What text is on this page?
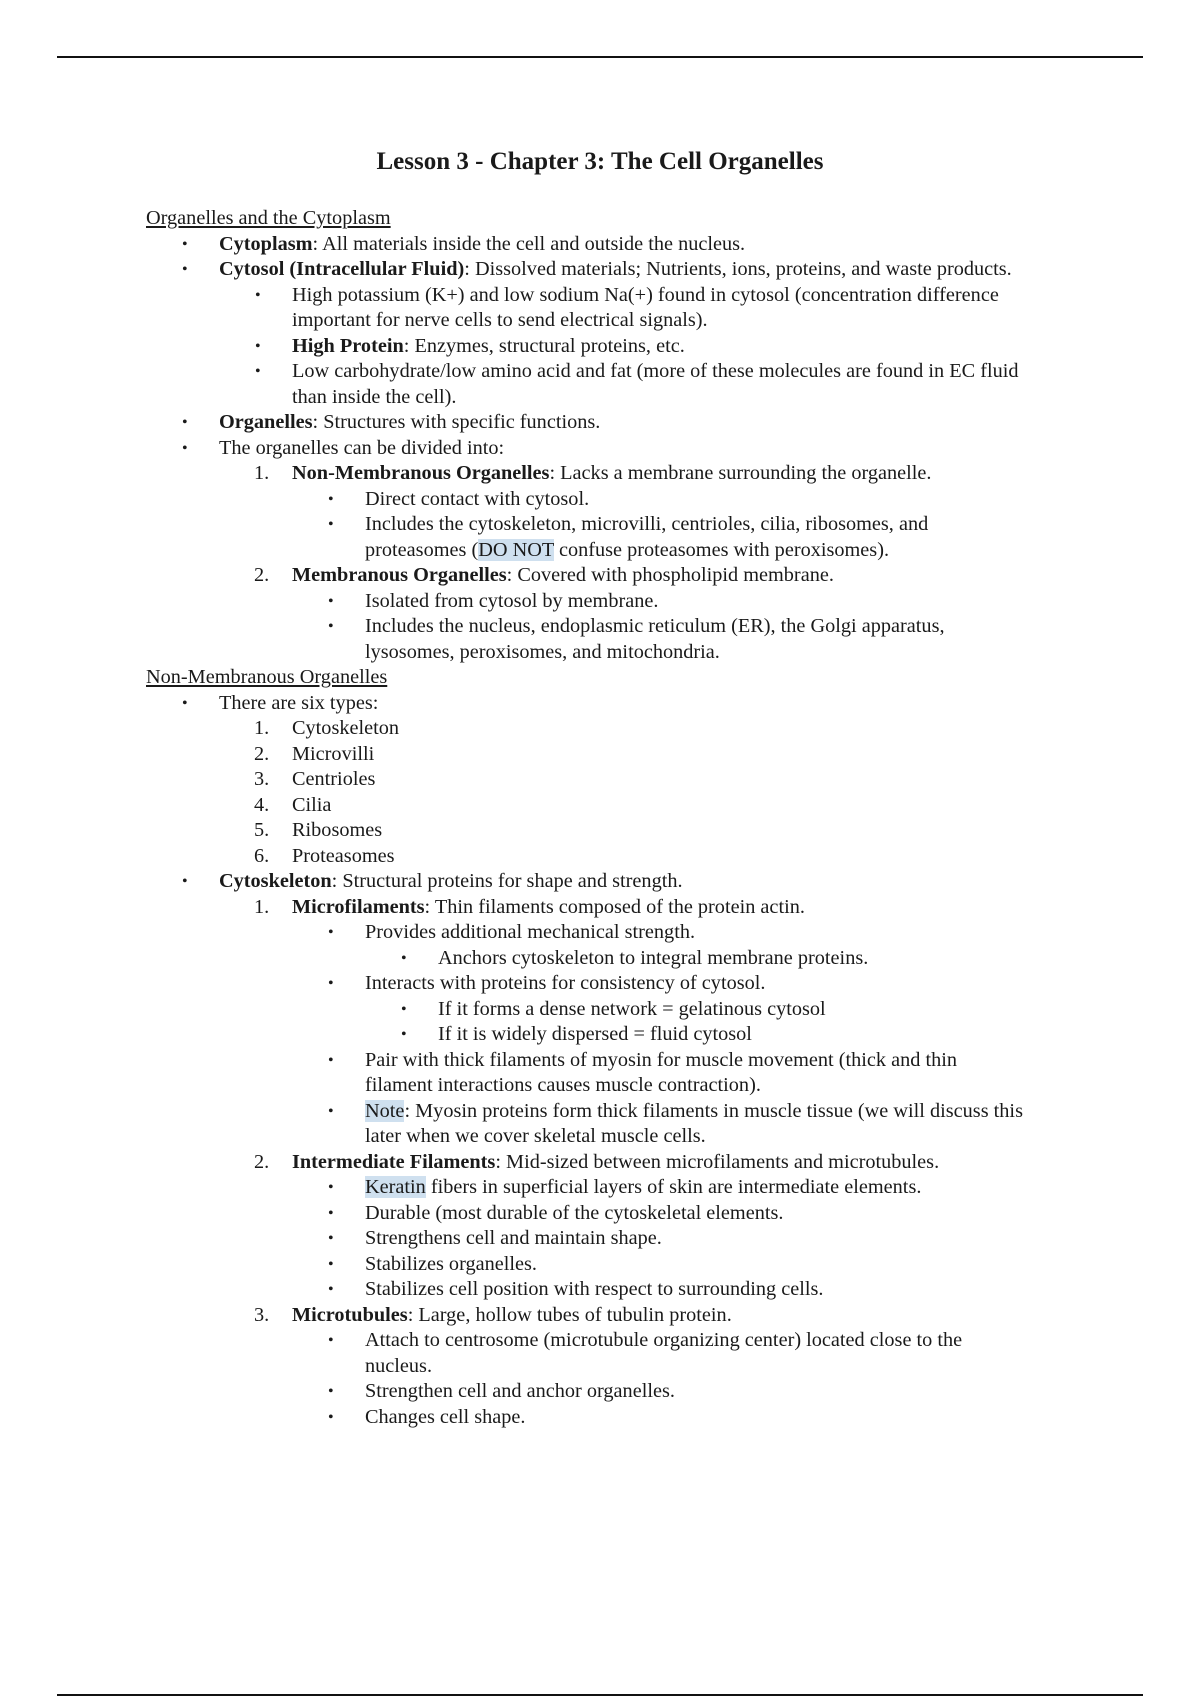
Lesson 3 - Chapter 3: The Cell Organelles
Organelles and the Cytoplasm
• Cytoplasm: All materials inside the cell and outside the nucleus.
• Cytosol (Intracellular Fluid): Dissolved materials; Nutrients, ions, proteins, and waste products.
• High potassium (K+) and low sodium Na(+) found in cytosol (concentration difference
important for nerve cells to send electrical signals).
• High Protein: Enzymes, structural proteins, etc.
• Low carbohydrate/low amino acid and fat (more of these molecules are found in EC fluid
than inside the cell).
• Organelles: Structures with specific functions.
• The organelles can be divided into:
1. Non-Membranous Organelles: Lacks a membrane surrounding the organelle.
• Direct contact with cytosol.
• Includes the cytoskeleton, microvilli, centrioles, cilia, ribosomes, and
proteasomes (DO NOT confuse proteasomes with peroxisomes).
2. Membranous Organelles: Covered with phospholipid membrane.
• Isolated from cytosol by membrane.
• Includes the nucleus, endoplasmic reticulum (ER), the Golgi apparatus,
lysosomes, peroxisomes, and mitochondria.
Non-Membranous Organelles
• There are six types:
1. Cytoskeleton
2. Microvilli
3. Centrioles
4. Cilia
5. Ribosomes
6. Proteasomes
• Cytoskeleton: Structural proteins for shape and strength.
1. Microfilaments: Thin filaments composed of the protein actin.
• Provides additional mechanical strength.
• Anchors cytoskeleton to integral membrane proteins.
• Interacts with proteins for consistency of cytosol.
• If it forms a dense network = gelatinous cytosol
• If it is widely dispersed = fluid cytosol
• Pair with thick filaments of myosin for muscle movement (thick and thin
filament interactions causes muscle contraction).
• Note: Myosin proteins form thick filaments in muscle tissue (we will discuss this
later when we cover skeletal muscle cells.
2. Intermediate Filaments: Mid-sized between microfilaments and microtubules.
• Keratin fibers in superficial layers of skin are intermediate elements.
• Durable (most durable of the cytoskeletal elements.
• Strengthens cell and maintain shape.
• Stabilizes organelles.
• Stabilizes cell position with respect to surrounding cells.
3. Microtubules: Large, hollow tubes of tubulin protein.
• Attach to centrosome (microtubule organizing center) located close to the
nucleus.
• Strengthen cell and anchor organelles.
• Changes cell shape.
